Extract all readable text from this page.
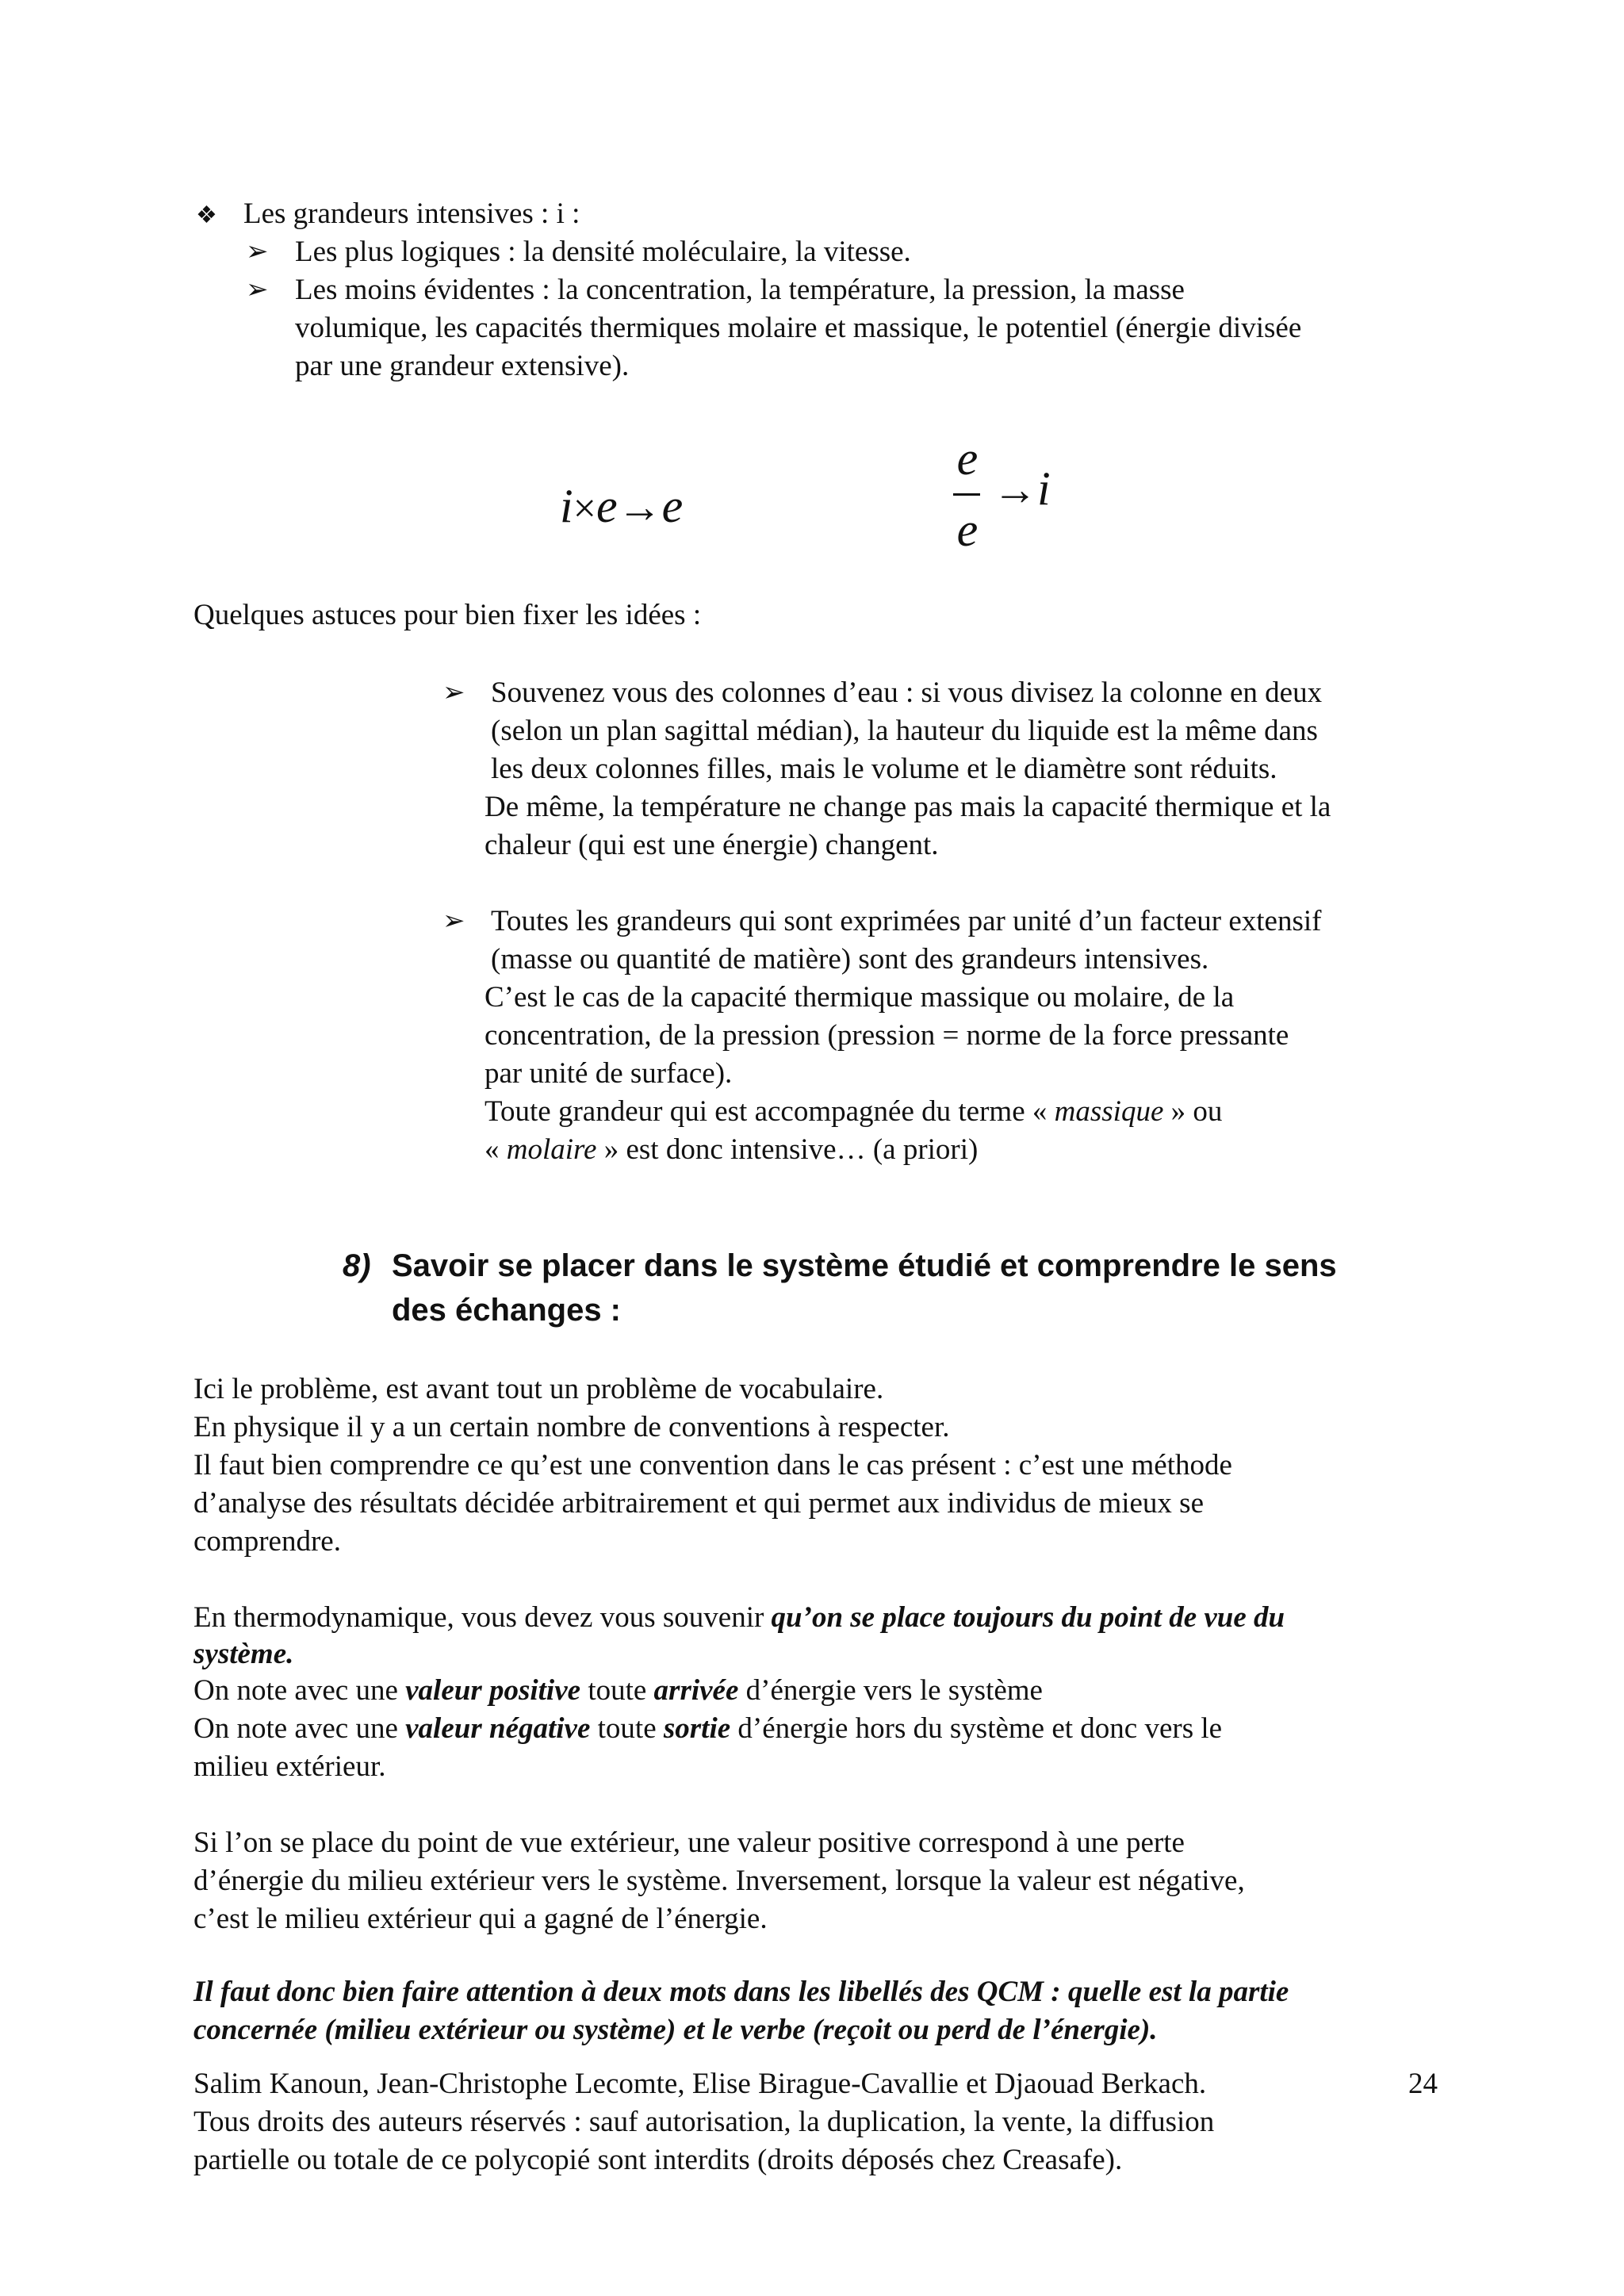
❖ Les grandeurs intensives : i :
➢ Les plus logiques : la densité moléculaire, la vitesse.
➢ Les moins évidentes : la concentration, la température, la pression, la masse
volumique, les capacités thermiques molaire et massique, le potentiel (énergie divisée
par une grandeur extensive).
i×e→e
e
e
→i
Quelques astuces pour bien fixer les idées :
➢ Souvenez vous des colonnes d’eau : si vous divisez la colonne en deux
(selon un plan sagittal médian), la hauteur du liquide est la même dans
les deux colonnes filles, mais le volume et le diamètre sont réduits.
De même, la température ne change pas mais la capacité thermique et la
chaleur (qui est une énergie) changent.
➢ Toutes les grandeurs qui sont exprimées par unité d’un facteur extensif
(masse ou quantité de matière) sont des grandeurs intensives.
C’est le cas de la capacité thermique massique ou molaire, de la
concentration, de la pression (pression = norme de la force pressante
par unité de surface).
Toute grandeur qui est accompagnée du terme « massique » ou
« molaire » est donc intensive… (a priori)
8) Savoir se placer dans le système étudié et comprendre le sens
des échanges :
Ici le problème, est avant tout un problème de vocabulaire.
En physique il y a un certain nombre de conventions à respecter.
Il faut bien comprendre ce qu’est une convention dans le cas présent : c’est une méthode
d’analyse des résultats décidée arbitrairement et qui permet aux individus de mieux se
comprendre.
En thermodynamique, vous devez vous souvenir qu’on se place toujours du point de vue du
système.
On note avec une valeur positive toute arrivée d’énergie vers le système
On note avec une valeur négative toute sortie d’énergie hors du système et donc vers le
milieu extérieur.
Si l’on se place du point de vue extérieur, une valeur positive correspond à une perte
d’énergie du milieu extérieur vers le système. Inversement, lorsque la valeur est négative,
c’est le milieu extérieur qui a gagné de l’énergie.
Il faut donc bien faire attention à deux mots dans les libellés des QCM : quelle est la partie
concernée (milieu extérieur ou système) et le verbe (reçoit ou perd de l’énergie).
Salim Kanoun, Jean-Christophe Lecomte, Elise Birague-Cavallie et Djaouad Berkach.	24
Tous droits des auteurs réservés : sauf autorisation, la duplication, la vente, la diffusion
partielle ou totale de ce polycopié sont interdits (droits déposés chez Creasafe).
